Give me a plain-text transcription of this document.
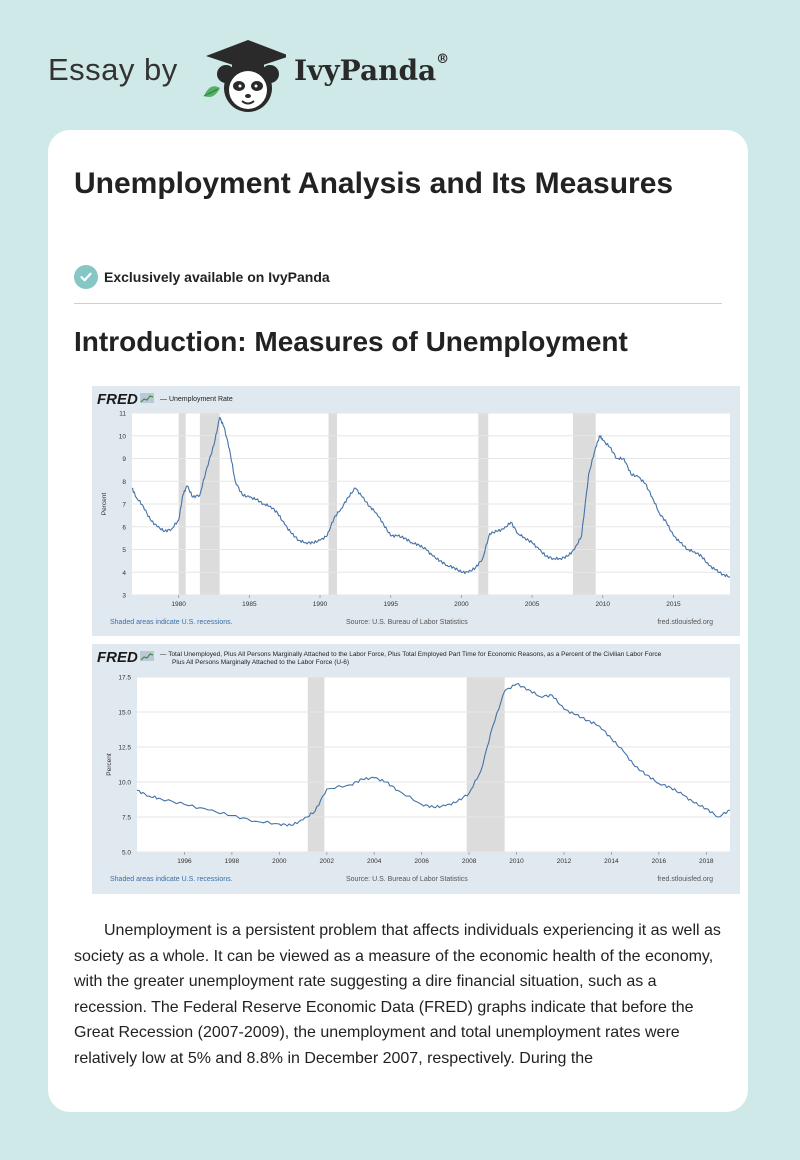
Essay by	IvyPanda®
Unemployment Analysis and Its Measures
Exclusively available on IvyPanda
Introduction: Measures of Unemployment
FRED	— Unemployment Rate
3
4
5
6
7
8
9
10
11
1980	1985	1990	1995	2000	2005	2010	2015
Percent
Shaded areas indicate U.S. recessions.	Source: U.S. Bureau of Labor Statistics	fred.stlouisfed.org
FRED	— Total Unemployed, Plus All Persons Marginally Attached to the Labor Force, Plus Total Employed Part Time for Economic Reasons, as a Percent of the Civilian Labor Force Plus All Persons Marginally Attached to the Labor Force (U-6)
5.0
7.5
10.0
12.5
15.0
17.5
1996	1998	2000	2002	2004	2006	2008	2010	2012	2014	2016	2018
Percent
Shaded areas indicate U.S. recessions.	Source: U.S. Bureau of Labor Statistics	fred.stlouisfed.org

Unemployment is a persistent problem that affects individuals experiencing it as well as society as a whole. It can be viewed as a measure of the economic health of the economy, with the greater unemployment rate suggesting a dire financial situation, such as a recession. The Federal Reserve Economic Data (FRED) graphs indicate that before the Great Recession (2007-2009), the unemployment and total unemployment rates were relatively low at 5% and 8.8% in December 2007, respectively. During the
